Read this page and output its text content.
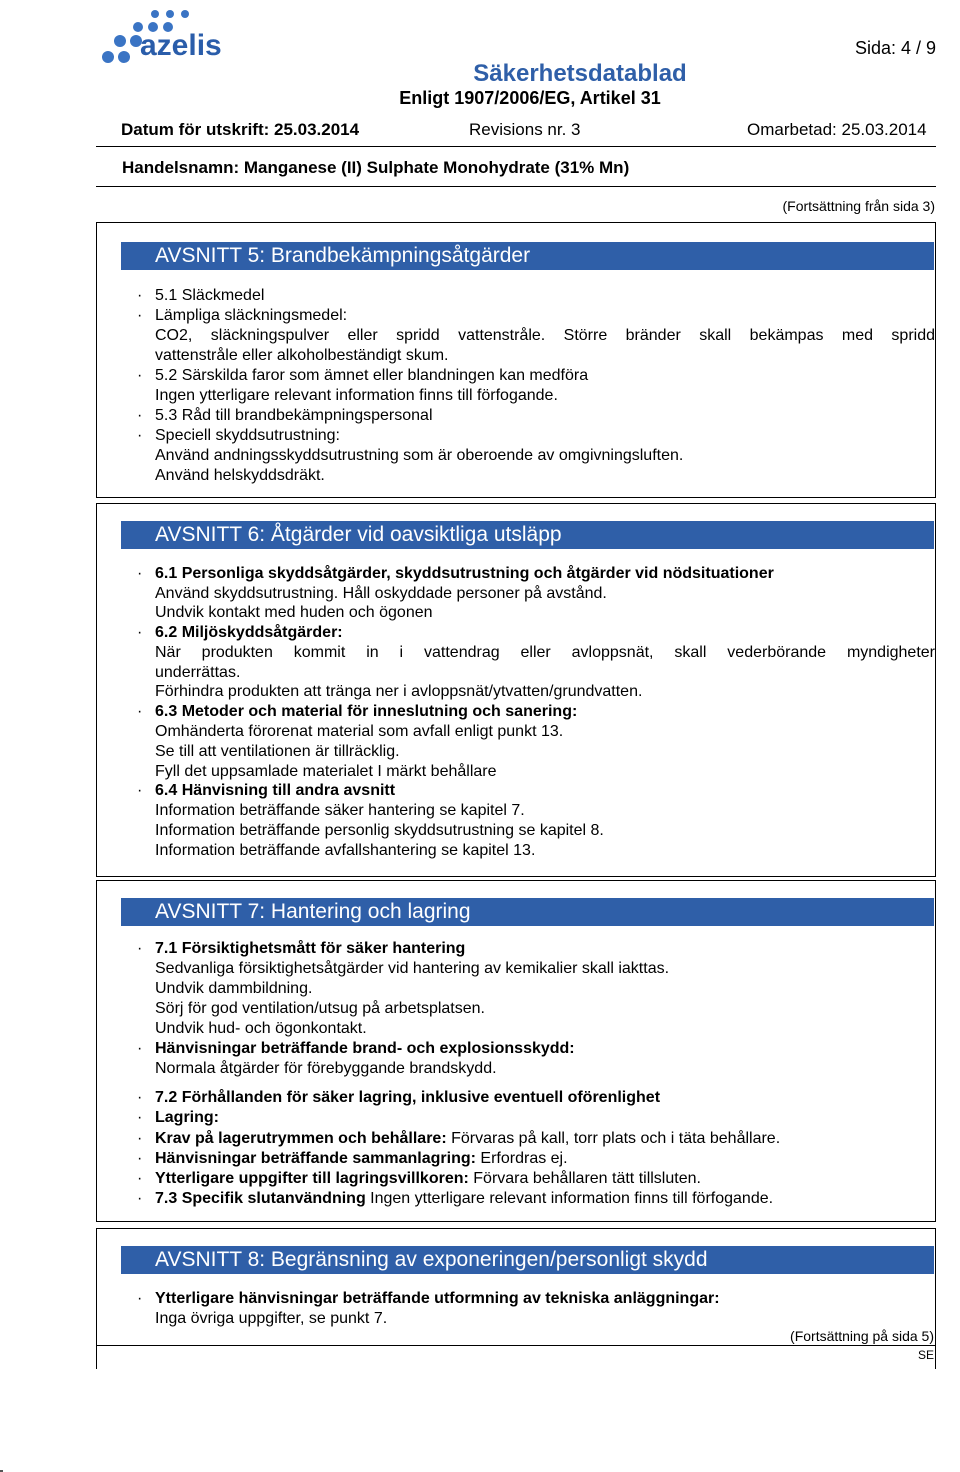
azelis	Sida: 4 / 9
Säkerhetsdatablad
Enligt 1907/2006/EG, Artikel 31
Datum för utskrift: 25.03.2014	Revisions nr. 3	Omarbetad: 25.03.2014
Handelsnamn: Manganese (II) Sulphate Monohydrate (31% Mn)
(Fortsättning från sida 3)
AVSNITT 5: Brandbekämpningsåtgärder
· 5.1 Släckmedel
· Lämpliga släckningsmedel:
CO2, släckningspulver eller spridd vattenstråle. Större bränder skall bekämpas med spridd
vattenstråle eller alkoholbeständigt skum.
· 5.2 Särskilda faror som ämnet eller blandningen kan medföra
Ingen ytterligare relevant information finns till förfogande.
· 5.3 Råd till brandbekämpningspersonal
· Speciell skyddsutrustning:
Använd andningsskyddsutrustning som är oberoende av omgivningsluften.
Använd helskyddsdräkt.
AVSNITT 6: Åtgärder vid oavsiktliga utsläpp
· 6.1 Personliga skyddsåtgärder, skyddsutrustning och åtgärder vid nödsituationer
Använd skyddsutrustning. Håll oskyddade personer på avstånd.
Undvik kontakt med huden och ögonen
· 6.2 Miljöskyddsåtgärder:
När produkten kommit in i vattendrag eller avloppsnät, skall vederbörande myndigheter
underrättas.
Förhindra produkten att tränga ner i avloppsnät/ytvatten/grundvatten.
· 6.3 Metoder och material för inneslutning och sanering:
Omhänderta förorenat material som avfall enligt punkt 13.
Se till att ventilationen är tillräcklig.
Fyll det uppsamlade materialet I märkt behållare
· 6.4 Hänvisning till andra avsnitt
Information beträffande säker hantering se kapitel 7.
Information beträffande personlig skyddsutrustning se kapitel 8.
Information beträffande avfallshantering se kapitel 13.
AVSNITT 7: Hantering och lagring
· 7.1 Försiktighetsmått för säker hantering
Sedvanliga försiktighetsåtgärder vid hantering av kemikalier skall iakttas.
Undvik dammbildning.
Sörj för god ventilation/utsug på arbetsplatsen.
Undvik hud- och ögonkontakt.
· Hänvisningar beträffande brand- och explosionsskydd:
Normala åtgärder för förebyggande brandskydd.
· 7.2 Förhållanden för säker lagring, inklusive eventuell oförenlighet
· Lagring:
· Krav på lagerutrymmen och behållare: Förvaras på kall, torr plats och i täta behållare.
· Hänvisningar beträffande sammanlagring: Erfordras ej.
· Ytterligare uppgifter till lagringsvillkoren: Förvara behållaren tätt tillsluten.
· 7.3 Specifik slutanvändning Ingen ytterligare relevant information finns till förfogande.
AVSNITT 8: Begränsning av exponeringen/personligt skydd
· Ytterligare hänvisningar beträffande utformning av tekniska anläggningar:
Inga övriga uppgifter, se punkt 7.
(Fortsättning på sida 5)
SE
